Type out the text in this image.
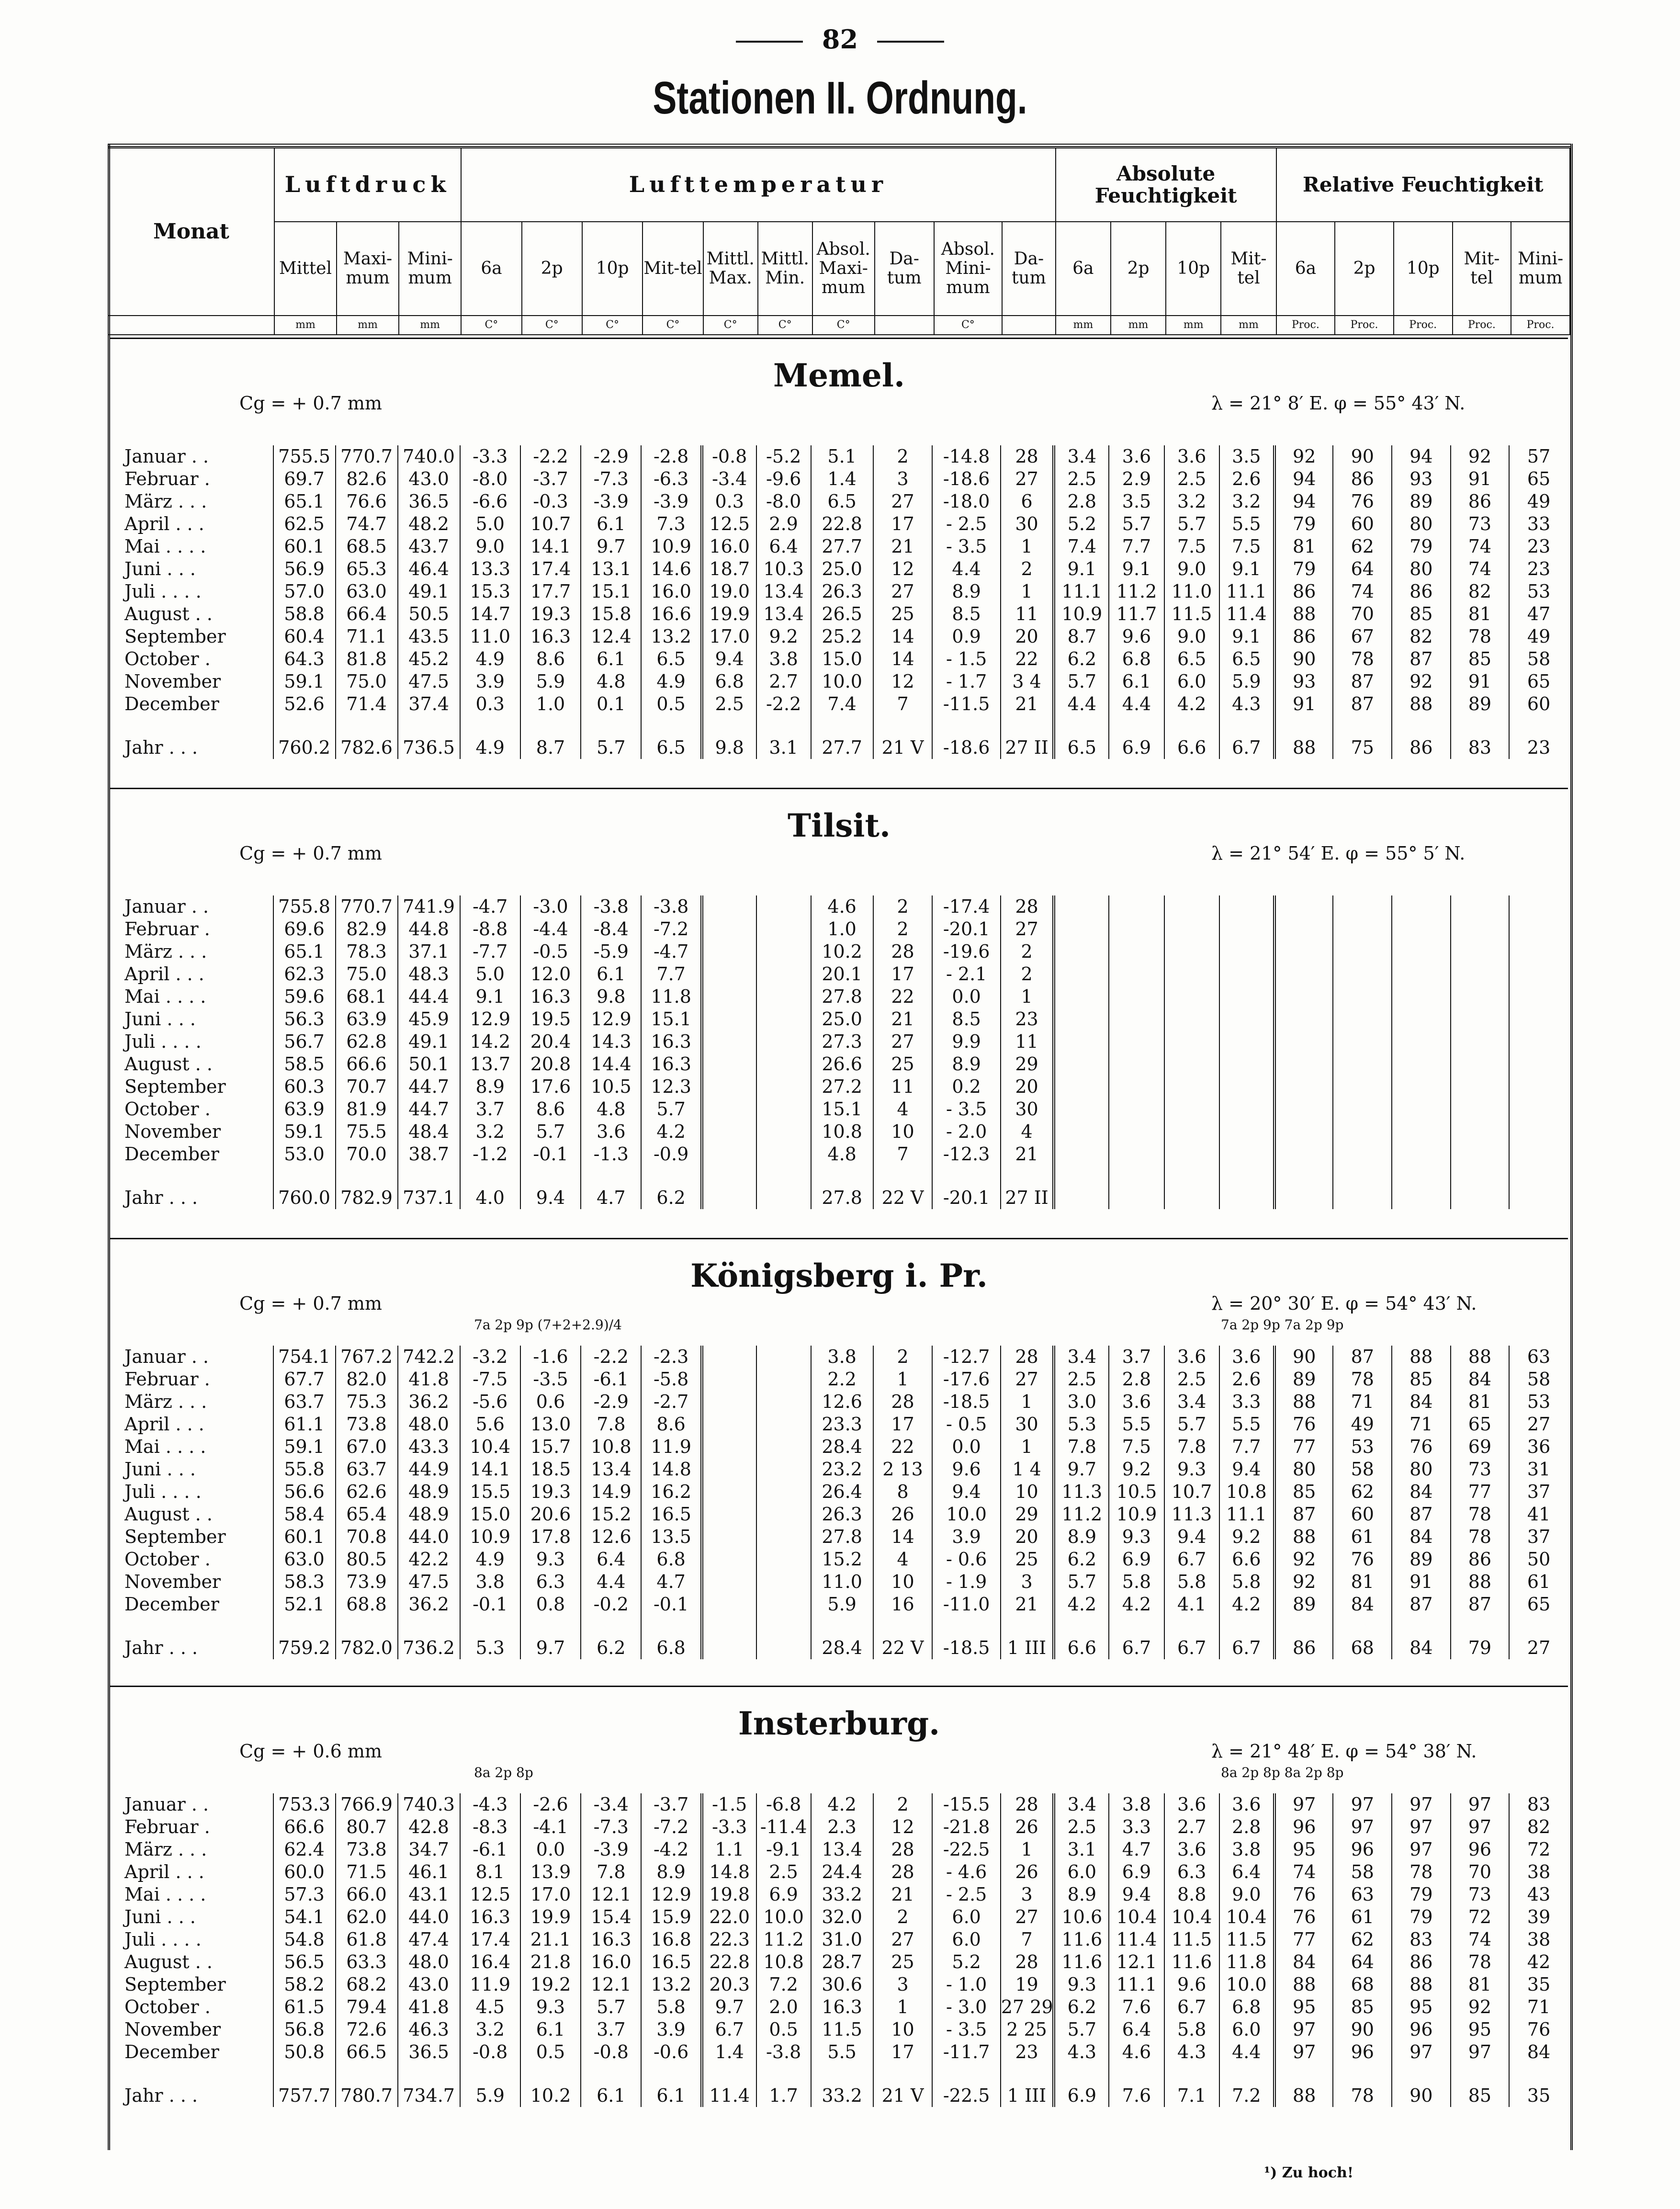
82
Stationen II. Ordnung.
Monat	Luftdruck			Lufttemperatur										Absolute Feuchtigkeit				Relative Feuchtigkeit				
	Mittel	Maxi-mum	Mini-mum	6a	2p	10p	Mit-tel	Mittl. Max.	Mittl. Min.	Absol. Maxi-mum	Da-tum	Absol. Mini-mum	Da-tum	6a	2p	10p	Mit-tel	6a	2p	10p	Mit-tel	Mini-mum
	mm	mm	mm	C°	C°	C°	C°	C°	C°	C°		C°		mm	mm	mm	mm	Proc.	Proc.	Proc.	Proc.	Proc.
Memel.
Cg = + 0.7 mm	λ = 21° 8′ E. φ = 55° 43′ N.
Januar . .	755.5	770.7	740.0	-3.3	-2.2	-2.9	-2.8	-0.8	-5.2	5.1	2	-14.8	28	3.4	3.6	3.6	3.5	92	90	94	92	57
Februar .	69.7	82.6	43.0	-8.0	-3.7	-7.3	-6.3	-3.4	-9.6	1.4	3	-18.6	27	2.5	2.9	2.5	2.6	94	86	93	91	65
März . . .	65.1	76.6	36.5	-6.6	-0.3	-3.9	-3.9	0.3	-8.0	6.5	27	-18.0	6	2.8	3.5	3.2	3.2	94	76	89	86	49
April . . .	62.5	74.7	48.2	5.0	10.7	6.1	7.3	12.5	2.9	22.8	17	- 2.5	30	5.2	5.7	5.7	5.5	79	60	80	73	33
Mai . . . .	60.1	68.5	43.7	9.0	14.1	9.7	10.9	16.0	6.4	27.7	21	- 3.5	1	7.4	7.7	7.5	7.5	81	62	79	74	23
Juni . . .	56.9	65.3	46.4	13.3	17.4	13.1	14.6	18.7	10.3	25.0	12	4.4	2	9.1	9.1	9.0	9.1	79	64	80	74	23
Juli . . . .	57.0	63.0	49.1	15.3	17.7	15.1	16.0	19.0	13.4	26.3	27	8.9	1	11.1	11.2	11.0	11.1	86	74	86	82	53
August . .	58.8	66.4	50.5	14.7	19.3	15.8	16.6	19.9	13.4	26.5	25	8.5	11	10.9	11.7	11.5	11.4	88	70	85	81	47
September	60.4	71.1	43.5	11.0	16.3	12.4	13.2	17.0	9.2	25.2	14	0.9	20	8.7	9.6	9.0	9.1	86	67	82	78	49
October .	64.3	81.8	45.2	4.9	8.6	6.1	6.5	9.4	3.8	15.0	14	- 1.5	22	6.2	6.8	6.5	6.5	90	78	87	85	58
November	59.1	75.0	47.5	3.9	5.9	4.8	4.9	6.8	2.7	10.0	12	- 1.7	3 4	5.7	6.1	6.0	5.9	93	87	92	91	65
December	52.6	71.4	37.4	0.3	1.0	0.1	0.5	2.5	-2.2	7.4	7	-11.5	21	4.4	4.4	4.2	4.3	91	87	88	89	60
Jahr . . .	760.2	782.6	736.5	4.9	8.7	5.7	6.5	9.8	3.1	27.7	21 V	-18.6	27 II	6.5	6.9	6.6	6.7	88	75	86	83	23
Tilsit.
Cg = + 0.7 mm	λ = 21° 54′ E. φ = 55° 5′ N.
Januar . .	755.8	770.7	741.9	-4.7	-3.0	-3.8	-3.8			4.6	2	-17.4	28									
Februar .	69.6	82.9	44.8	-8.8	-4.4	-8.4	-7.2			1.0	2	-20.1	27									
März . . .	65.1	78.3	37.1	-7.7	-0.5	-5.9	-4.7			10.2	28	-19.6	2									
April . . .	62.3	75.0	48.3	5.0	12.0	6.1	7.7			20.1	17	- 2.1	2									
Mai . . . .	59.6	68.1	44.4	9.1	16.3	9.8	11.8			27.8	22	0.0	1									
Juni . . .	56.3	63.9	45.9	12.9	19.5	12.9	15.1			25.0	21	8.5	23									
Juli . . . .	56.7	62.8	49.1	14.2	20.4	14.3	16.3			27.3	27	9.9	11									
August . .	58.5	66.6	50.1	13.7	20.8	14.4	16.3			26.6	25	8.9	29									
September	60.3	70.7	44.7	8.9	17.6	10.5	12.3			27.2	11	0.2	20									
October .	63.9	81.9	44.7	3.7	8.6	4.8	5.7			15.1	4	- 3.5	30									
November	59.1	75.5	48.4	3.2	5.7	3.6	4.2			10.8	10	- 2.0	4									
December	53.0	70.0	38.7	-1.2	-0.1	-1.3	-0.9			4.8	7	-12.3	21									
Jahr . . .	760.0	782.9	737.1	4.0	9.4	4.7	6.2			27.8	22 V	-20.1	27 II									
Königsberg i. Pr.
Cg = + 0.7 mm	λ = 20° 30′ E. φ = 54° 43′ N.
7a 2p 9p (7+2+2.9)/4	7a 2p 9p 7a 2p 9p
Januar . .	754.1	767.2	742.2	-3.2	-1.6	-2.2	-2.3			3.8	2	-12.7	28	3.4	3.7	3.6	3.6	90	87	88	88	63
Februar .	67.7	82.0	41.8	-7.5	-3.5	-6.1	-5.8			2.2	1	-17.6	27	2.5	2.8	2.5	2.6	89	78	85	84	58
März . . .	63.7	75.3	36.2	-5.6	0.6	-2.9	-2.7			12.6	28	-18.5	1	3.0	3.6	3.4	3.3	88	71	84	81	53
April . . .	61.1	73.8	48.0	5.6	13.0	7.8	8.6			23.3	17	- 0.5	30	5.3	5.5	5.7	5.5	76	49	71	65	27
Mai . . . .	59.1	67.0	43.3	10.4	15.7	10.8	11.9			28.4	22	0.0	1	7.8	7.5	7.8	7.7	77	53	76	69	36
Juni . . .	55.8	63.7	44.9	14.1	18.5	13.4	14.8			23.2	2 13	9.6	1 4	9.7	9.2	9.3	9.4	80	58	80	73	31
Juli . . . .	56.6	62.6	48.9	15.5	19.3	14.9	16.2			26.4	8	9.4	10	11.3	10.5	10.7	10.8	85	62	84	77	37
August . .	58.4	65.4	48.9	15.0	20.6	15.2	16.5			26.3	26	10.0	29	11.2	10.9	11.3	11.1	87	60	87	78	41
September	60.1	70.8	44.0	10.9	17.8	12.6	13.5			27.8	14	3.9	20	8.9	9.3	9.4	9.2	88	61	84	78	37
October .	63.0	80.5	42.2	4.9	9.3	6.4	6.8			15.2	4	- 0.6	25	6.2	6.9	6.7	6.6	92	76	89	86	50
November	58.3	73.9	47.5	3.8	6.3	4.4	4.7			11.0	10	- 1.9	3	5.7	5.8	5.8	5.8	92	81	91	88	61
December	52.1	68.8	36.2	-0.1	0.8	-0.2	-0.1			5.9	16	-11.0	21	4.2	4.2	4.1	4.2	89	84	87	87	65
Jahr . . .	759.2	782.0	736.2	5.3	9.7	6.2	6.8			28.4	22 V	-18.5	1 III	6.6	6.7	6.7	6.7	86	68	84	79	27
Insterburg.
Cg = + 0.6 mm	λ = 21° 48′ E. φ = 54° 38′ N.
8a 2p 8p	8a 2p 8p 8a 2p 8p
Januar . .	753.3	766.9	740.3	-4.3	-2.6	-3.4	-3.7	-1.5	-6.8	4.2	2	-15.5	28	3.4	3.8	3.6	3.6	97	97	97	97	83
Februar .	66.6	80.7	42.8	-8.3	-4.1	-7.3	-7.2	-3.3	-11.4	2.3	12	-21.8	26	2.5	3.3	2.7	2.8	96	97	97	97	82
März . . .	62.4	73.8	34.7	-6.1	0.0	-3.9	-4.2	1.1	-9.1	13.4	28	-22.5	1	3.1	4.7	3.6	3.8	95	96	97	96	72
April . . .	60.0	71.5	46.1	8.1	13.9	7.8	8.9	14.8	2.5	24.4	28	- 4.6	26	6.0	6.9	6.3	6.4	74	58	78	70	38
Mai . . . .	57.3	66.0	43.1	12.5	17.0	12.1	12.9	19.8	6.9	33.2	21	- 2.5	3	8.9	9.4	8.8	9.0	76	63	79	73	43
Juni . . .	54.1	62.0	44.0	16.3	19.9	15.4	15.9	22.0	10.0	32.0	2	6.0	27	10.6	10.4	10.4	10.4	76	61	79	72	39
Juli . . . .	54.8	61.8	47.4	17.4	21.1	16.3	16.8	22.3	11.2	31.0	27	6.0	7	11.6	11.4	11.5	11.5	77	62	83	74	38
August . .	56.5	63.3	48.0	16.4	21.8	16.0	16.5	22.8	10.8	28.7	25	5.2	28	11.6	12.1	11.6	11.8	84	64	86	78	42
September	58.2	68.2	43.0	11.9	19.2	12.1	13.2	20.3	7.2	30.6	3	- 1.0	19	9.3	11.1	9.6	10.0	88	68	88	81	35
October .	61.5	79.4	41.8	4.5	9.3	5.7	5.8	9.7	2.0	16.3	1	- 3.0	27 29	6.2	7.6	6.7	6.8	95	85	95	92	71
November	56.8	72.6	46.3	3.2	6.1	3.7	3.9	6.7	0.5	11.5	10	- 3.5	2 25	5.7	6.4	5.8	6.0	97	90	96	95	76
December	50.8	66.5	36.5	-0.8	0.5	-0.8	-0.6	1.4	-3.8	5.5	17	-11.7	23	4.3	4.6	4.3	4.4	97	96	97	97	84
Jahr . . .	757.7	780.7	734.7	5.9	10.2	6.1	6.1	11.4	1.7	33.2	21 V	-22.5	1 III	6.9	7.6	7.1	7.2	88	78	90	85	35
¹) Zu hoch!
